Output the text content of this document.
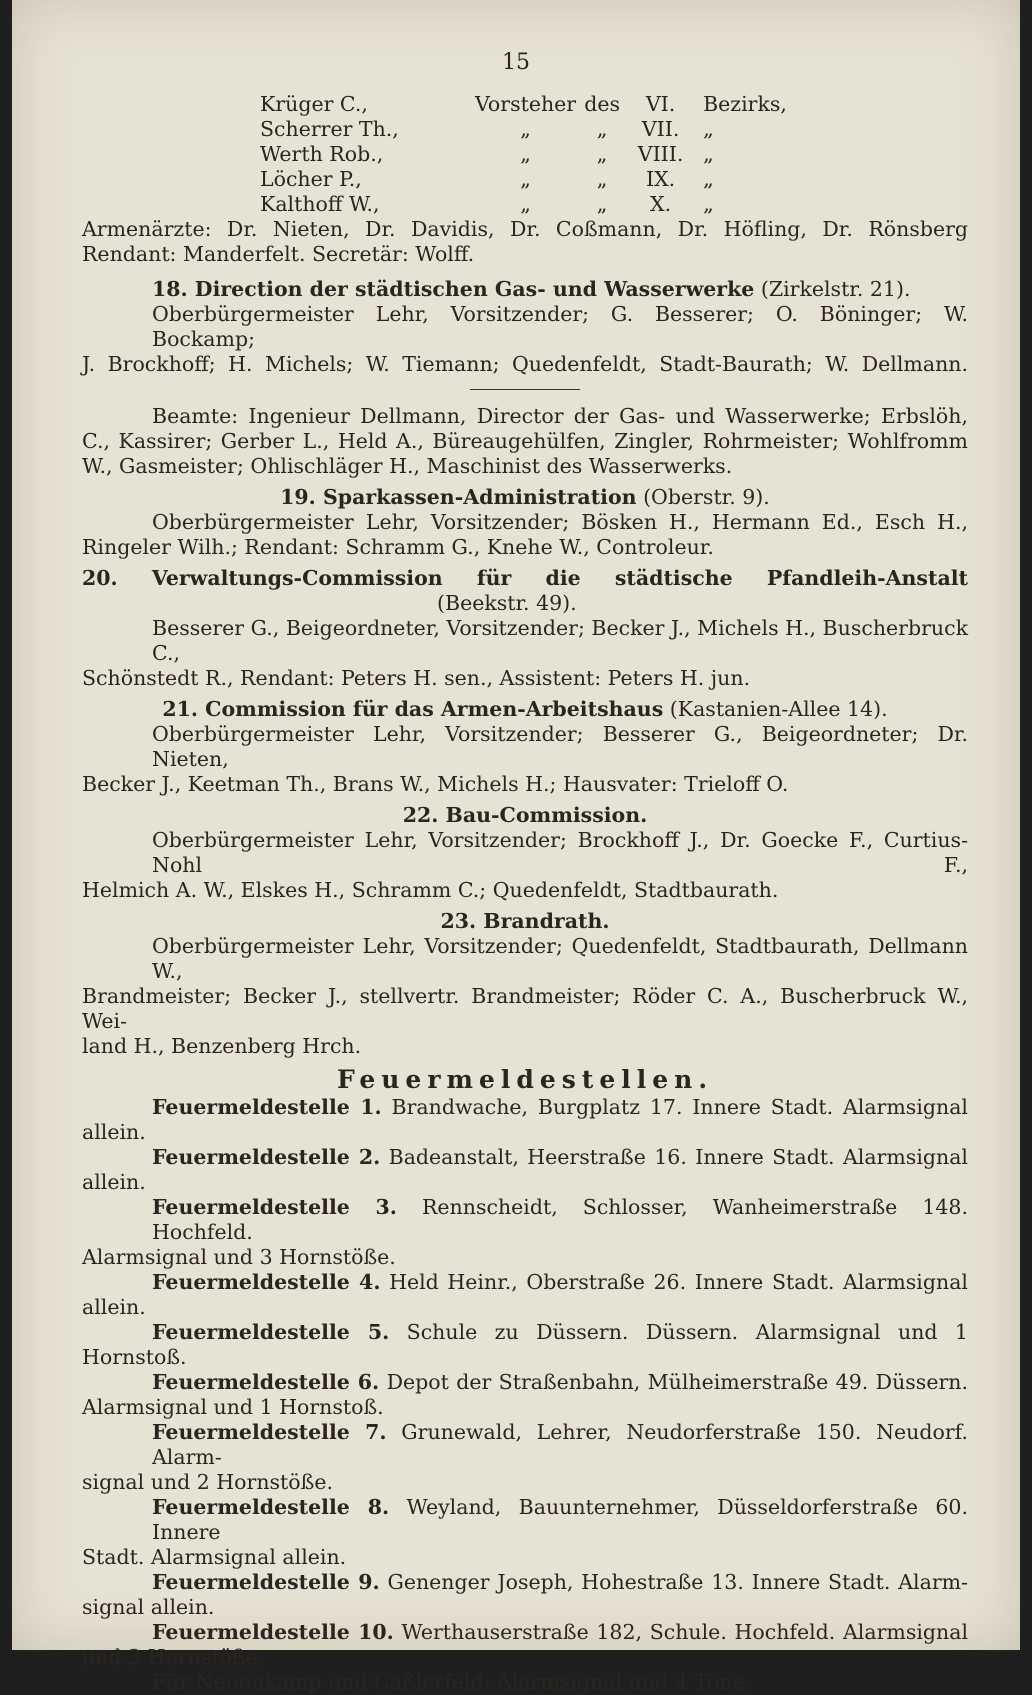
15
Krüger C.,	Vorsteher	des	VI.	Bezirks,
Scherrer Th.,	„	„	VII.	„
Werth Rob.,	„	„	VIII.	„
Löcher P.,	„	„	IX.	„
Kalthoff W.,	„	„	X.	„
Armenärzte: Dr. Nieten, Dr. Davidis, Dr. Coßmann, Dr. Höfling, Dr. Rönsberg
Rendant: Manderfelt. Secretär: Wolff.
18. Direction der städtischen Gas- und Wasserwerke (Zirkelstr. 21).
Oberbürgermeister Lehr, Vorsitzender; G. Besserer; O. Böninger; W. Bockamp;
J. Brockhoff; H. Michels; W. Tiemann; Quedenfeldt, Stadt-Baurath; W. Dellmann.
Beamte: Ingenieur Dellmann, Director der Gas- und Wasserwerke; Erbslöh,
C., Kassirer; Gerber L., Held A., Büreaugehülfen, Zingler, Rohrmeister; Wohlfromm
W., Gasmeister; Ohlischläger H., Maschinist des Wasserwerks.
19. Sparkassen-Administration (Oberstr. 9).
Oberbürgermeister Lehr, Vorsitzender; Bösken H., Hermann Ed., Esch H.,
Ringeler Wilh.; Rendant: Schramm G., Knehe W., Controleur.
20. Verwaltungs-Commission für die städtische Pfandleih-Anstalt
(Beekstr. 49).
Besserer G., Beigeordneter, Vorsitzender; Becker J., Michels H., Buscherbruck C.,
Schönstedt R., Rendant: Peters H. sen., Assistent: Peters H. jun.
21. Commission für das Armen-Arbeitshaus (Kastanien-Allee 14).
Oberbürgermeister Lehr, Vorsitzender; Besserer G., Beigeordneter; Dr. Nieten,
Becker J., Keetman Th., Brans W., Michels H.; Hausvater: Trieloff O.
22. Bau-Commission.
Oberbürgermeister Lehr, Vorsitzender; Brockhoff J., Dr. Goecke F., Curtius-Nohl F.,
Helmich A. W., Elskes H., Schramm C.; Quedenfeldt, Stadtbaurath.
23. Brandrath.
Oberbürgermeister Lehr, Vorsitzender; Quedenfeldt, Stadtbaurath, Dellmann W.,
Brandmeister; Becker J., stellvertr. Brandmeister; Röder C. A., Buscherbruck W., Wei-
land H., Benzenberg Hrch.
Feuermeldestellen.
Feuermeldestelle 1. Brandwache, Burgplatz 17. Innere Stadt. Alarmsignal
allein.
Feuermeldestelle 2. Badeanstalt, Heerstraße 16. Innere Stadt. Alarmsignal
allein.
Feuermeldestelle 3. Rennscheidt, Schlosser, Wanheimerstraße 148. Hochfeld.
Alarmsignal und 3 Hornstöße.
Feuermeldestelle 4. Held Heinr., Oberstraße 26. Innere Stadt. Alarmsignal
allein.
Feuermeldestelle 5. Schule zu Düssern. Düssern. Alarmsignal und 1
Hornstoß.
Feuermeldestelle 6. Depot der Straßenbahn, Mülheimerstraße 49. Düssern.
Alarmsignal und 1 Hornstoß.
Feuermeldestelle 7. Grunewald, Lehrer, Neudorferstraße 150. Neudorf. Alarm-
signal und 2 Hornstöße.
Feuermeldestelle 8. Weyland, Bauunternehmer, Düsseldorferstraße 60. Innere
Stadt. Alarmsignal allein.
Feuermeldestelle 9. Genenger Joseph, Hohestraße 13. Innere Stadt. Alarm-
signal allein.
Feuermeldestelle 10. Werthauserstraße 182, Schule. Hochfeld. Alarmsignal
und 3 Hornstöße.
Für Neuenkamp und Caßlerfeld: Alarmsignal und 4 Töne.
